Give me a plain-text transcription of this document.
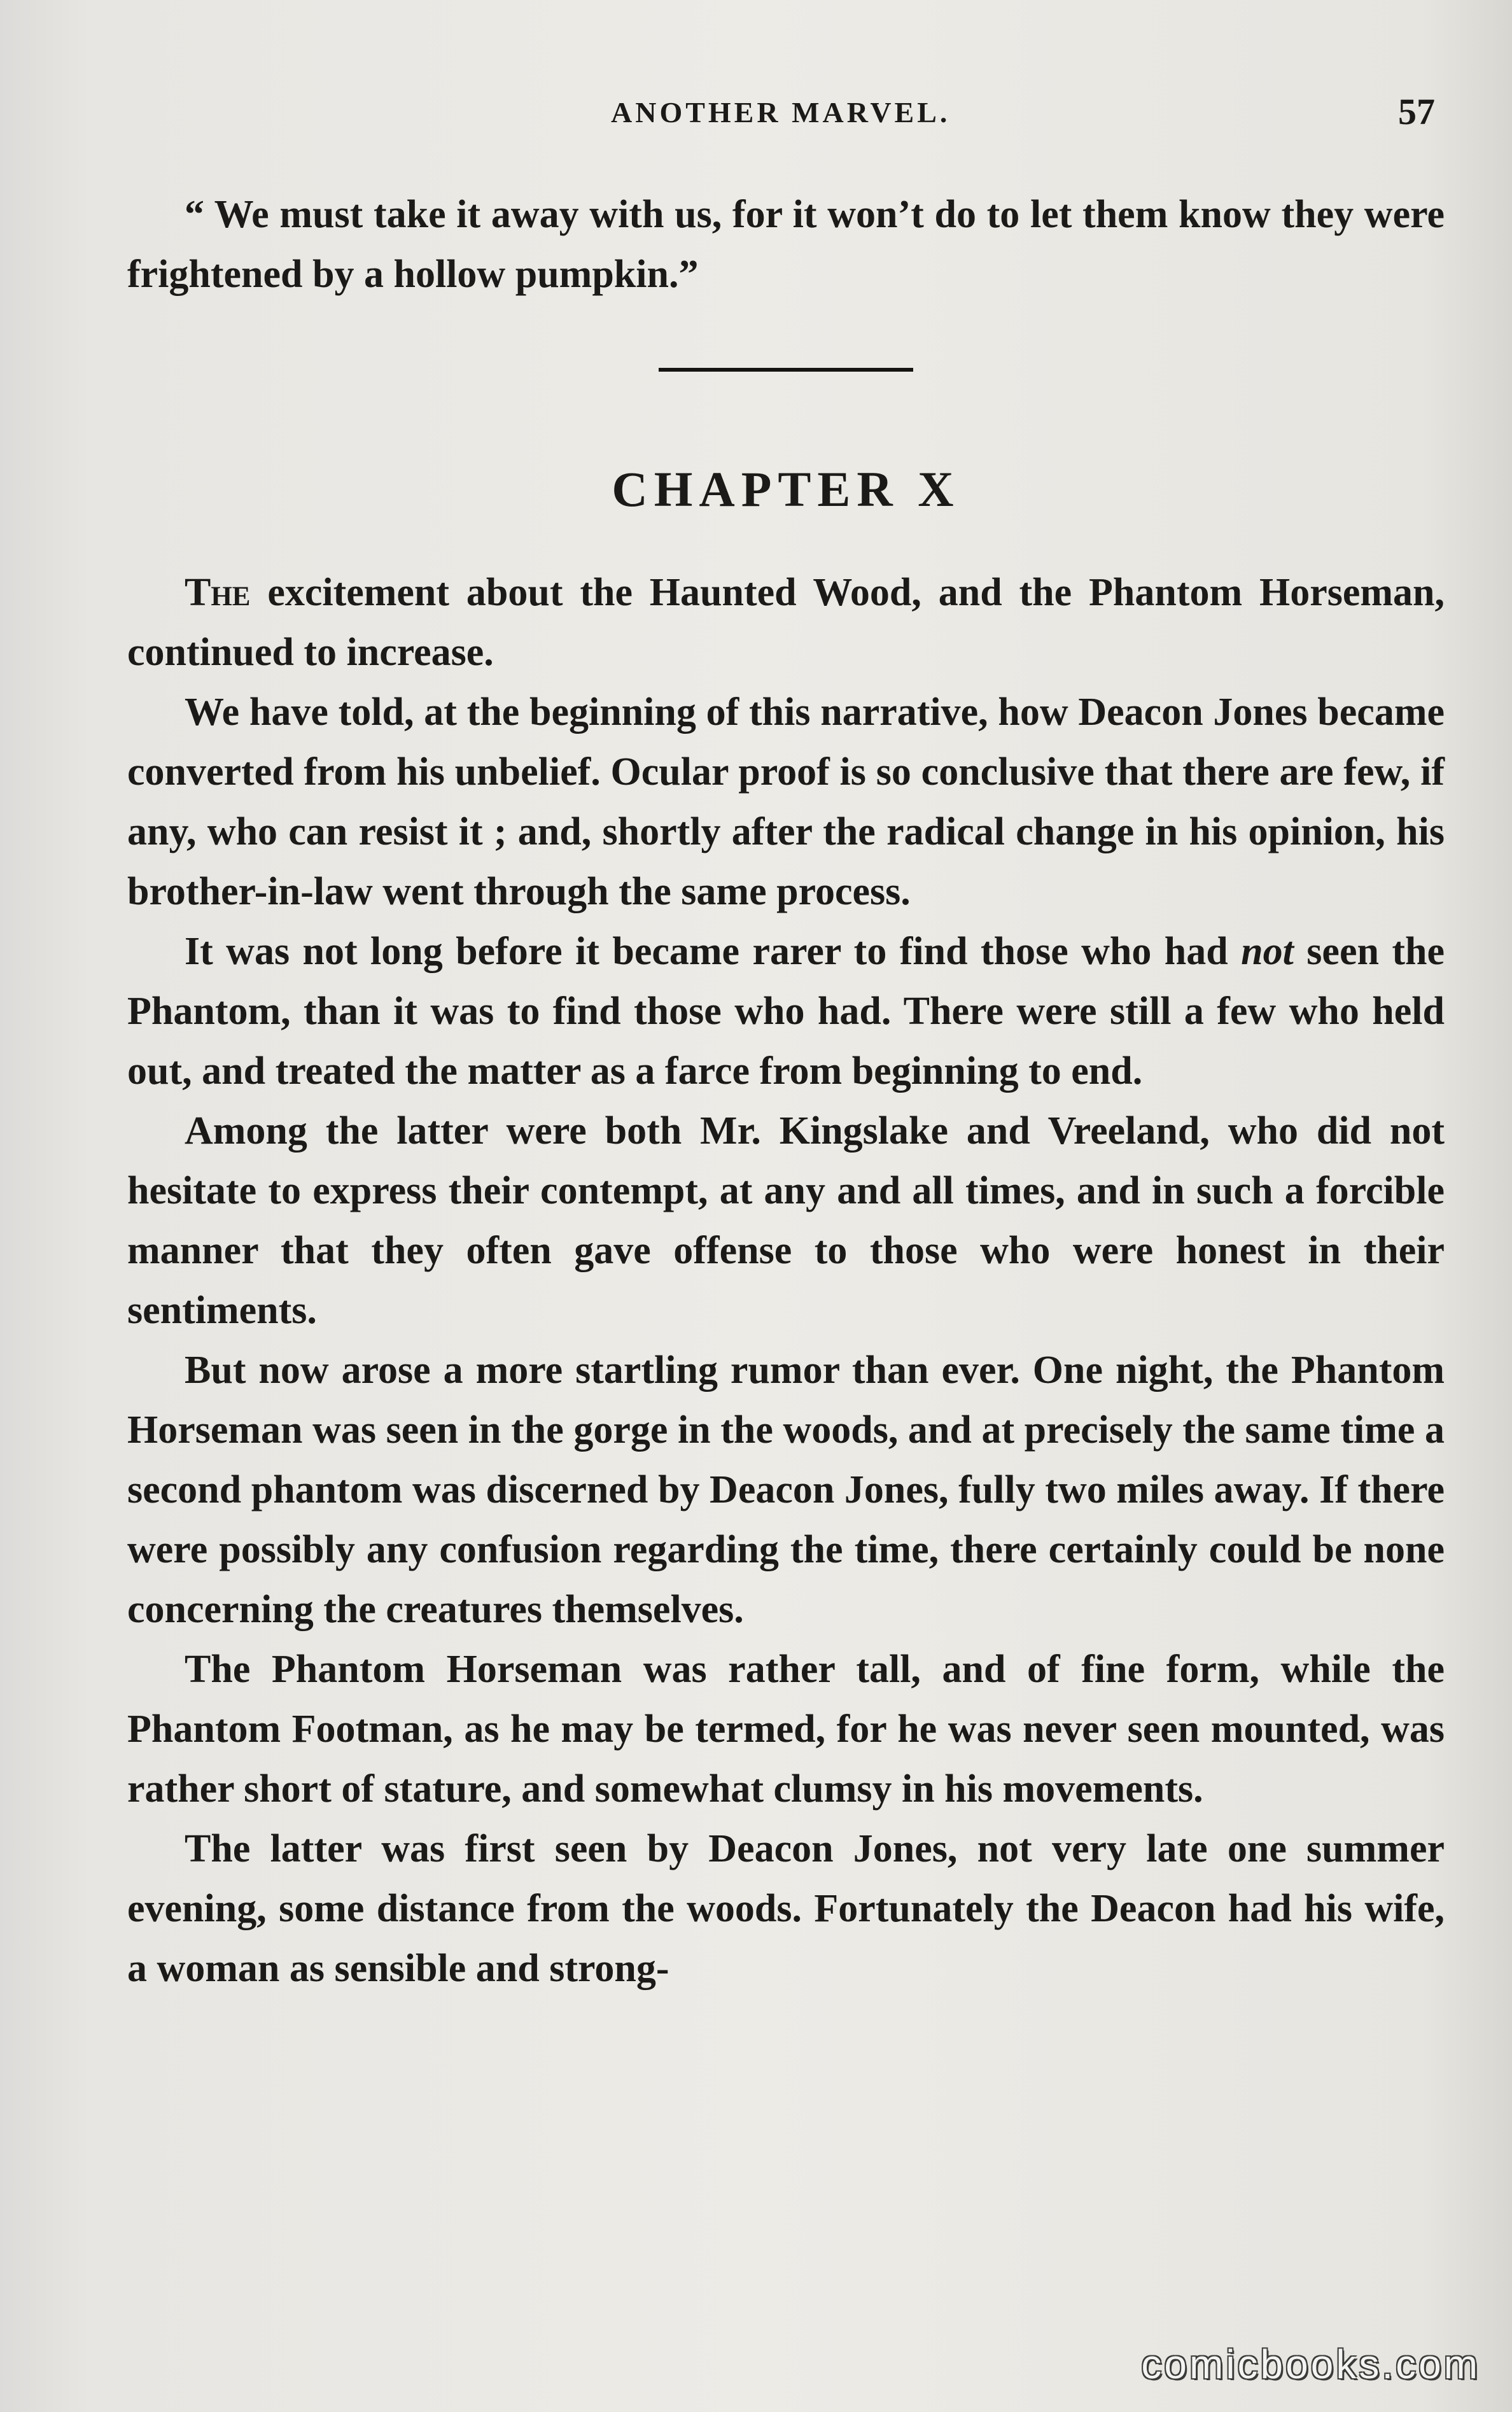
ANOTHER MARVEL.	57

“ We must take it away with us, for it won’t do to let them know they were frightened by a hollow pumpkin.”

CHAPTER X

The excitement about the Haunted Wood, and the Phantom Horseman, continued to increase.

We have told, at the beginning of this narrative, how Deacon Jones became converted from his unbelief. Ocular proof is so conclusive that there are few, if any, who can resist it ; and, shortly after the radical change in his opinion, his brother-in-law went through the same process.

It was not long before it became rarer to find those who had not seen the Phantom, than it was to find those who had. There were still a few who held out, and treated the matter as a farce from beginning to end.

Among the latter were both Mr. Kingslake and Vreeland, who did not hesitate to express their contempt, at any and all times, and in such a forcible manner that they often gave offense to those who were honest in their sentiments.

But now arose a more startling rumor than ever. One night, the Phantom Horseman was seen in the gorge in the woods, and at precisely the same time a second phantom was discerned by Deacon Jones, fully two miles away. If there were possibly any confusion regarding the time, there certainly could be none concerning the creatures themselves.

The Phantom Horseman was rather tall, and of fine form, while the Phantom Footman, as he may be termed, for he was never seen mounted, was rather short of stature, and somewhat clumsy in his movements.

The latter was first seen by Deacon Jones, not very late one summer evening, some distance from the woods. Fortunately the Deacon had his wife, a woman as sensible and strong-

comicbooks.com
